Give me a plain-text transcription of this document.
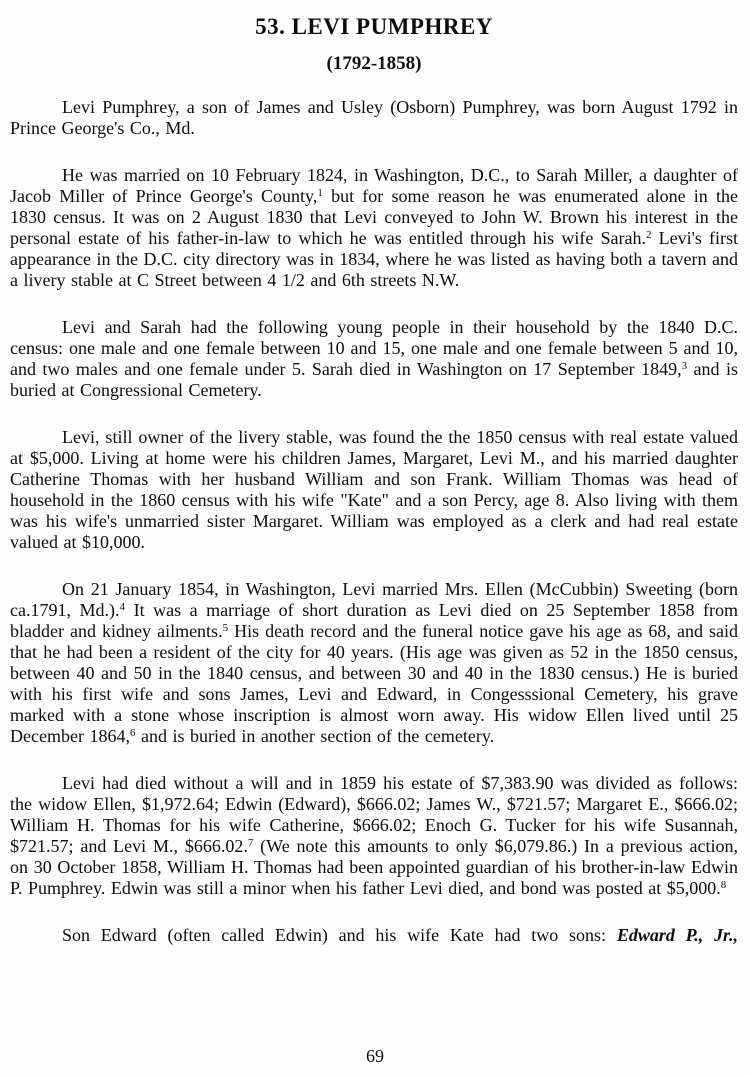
53. LEVI PUMPHREY
(1792-1858)

Levi Pumphrey, a son of James and Usley (Osborn) Pumphrey, was born August 1792 in Prince George's Co., Md.

He was married on 10 February 1824, in Washington, D.C., to Sarah Miller, a daughter of Jacob Miller of Prince George's County,$^1$ but for some reason he was enumerated alone in the 1830 census. It was on 2 August 1830 that Levi conveyed to John W. Brown his interest in the personal estate of his father-in-law to which he was entitled through his wife Sarah.$^2$ Levi's first appearance in the D.C. city directory was in 1834, where he was listed as having both a tavern and a livery stable at C Street between 4 1/2 and 6th streets N.W.

Levi and Sarah had the following young people in their household by the 1840 D.C. census: one male and one female between 10 and 15, one male and one female between 5 and 10, and two males and one female under 5. Sarah died in Washington on 17 September 1849,$^3$ and is buried at Congressional Cemetery.

Levi, still owner of the livery stable, was found the the 1850 census with real estate valued at $5,000. Living at home were his children James, Margaret, Levi M., and his married daughter Catherine Thomas with her husband William and son Frank. William Thomas was head of household in the 1860 census with his wife "Kate" and a son Percy, age 8. Also living with them was his wife's unmarried sister Margaret. William was employed as a clerk and had real estate valued at $10,000.

On 21 January 1854, in Washington, Levi married Mrs. Ellen (McCubbin) Sweeting (born ca.1791, Md.).$^4$ It was a marriage of short duration as Levi died on 25 September 1858 from bladder and kidney ailments.$^5$ His death record and the funeral notice gave his age as 68, and said that he had been a resident of the city for 40 years. (His age was given as 52 in the 1850 census, between 40 and 50 in the 1840 census, and between 30 and 40 in the 1830 census.) He is buried with his first wife and sons James, Levi and Edward, in Congesssional Cemetery, his grave marked with a stone whose inscription is almost worn away. His widow Ellen lived until 25 December 1864,$^6$ and is buried in another section of the cemetery.

Levi had died without a will and in 1859 his estate of $7,383.90 was divided as follows: the widow Ellen, $1,972.64; Edwin (Edward), $666.02; James W., $721.57; Margaret E., $666.02; William H. Thomas for his wife Catherine, $666.02; Enoch G. Tucker for his wife Susannah, $721.57; and Levi M., $666.02.$^7$ (We note this amounts to only $6,079.86.) In a previous action, on 30 October 1858, William H. Thomas had been appointed guardian of his brother-in-law Edwin P. Pumphrey. Edwin was still a minor when his father Levi died, and bond was posted at $5,000.$^8$

Son Edward (often called Edwin) and his wife Kate had two sons: Edward P., Jr.,

69
